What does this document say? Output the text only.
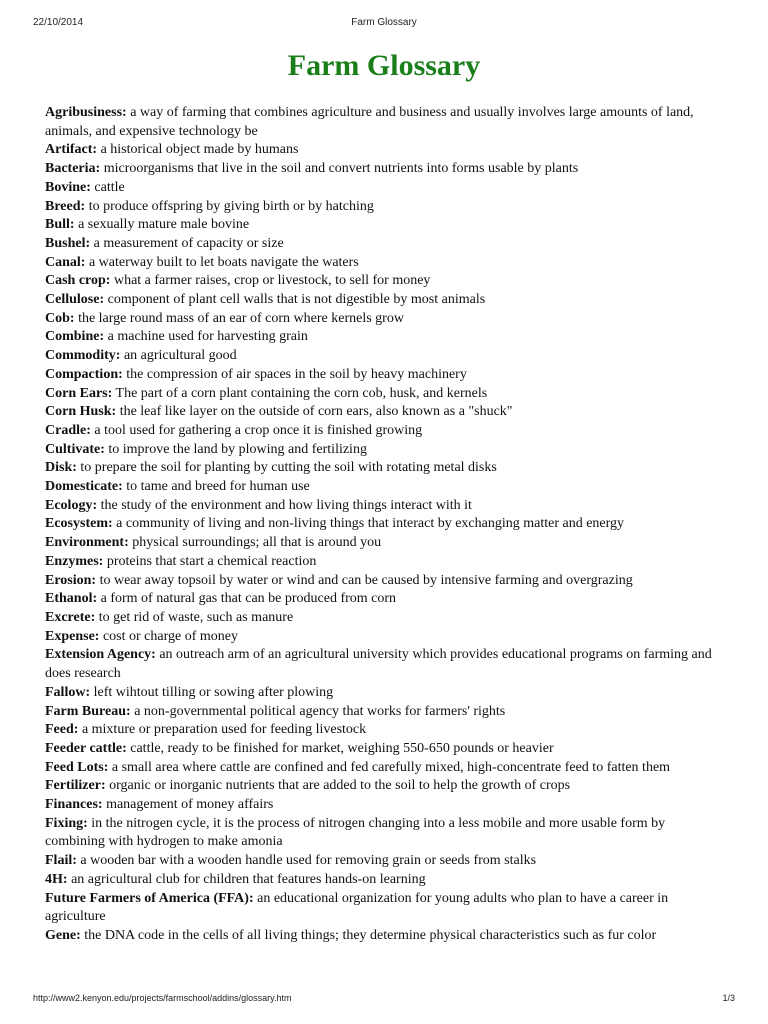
22/10/2014	Farm Glossary
Farm Glossary

Agribusiness: a way of farming that combines agriculture and business and usually involves large amounts of land, animals, and expensive technology be

Artifact: a historical object made by humans

Bacteria: microorganisms that live in the soil and convert nutrients into forms usable by plants

Bovine: cattle

Breed: to produce offspring by giving birth or by hatching

Bull: a sexually mature male bovine

Bushel: a measurement of capacity or size

Canal: a waterway built to let boats navigate the waters

Cash crop: what a farmer raises, crop or livestock, to sell for money

Cellulose: component of plant cell walls that is not digestible by most animals

Cob: the large round mass of an ear of corn where kernels grow

Combine: a machine used for harvesting grain

Commodity: an agricultural good

Compaction: the compression of air spaces in the soil by heavy machinery

Corn Ears: The part of a corn plant containing the corn cob, husk, and kernels

Corn Husk: the leaf like layer on the outside of corn ears, also known as a "shuck"

Cradle: a tool used for gathering a crop once it is finished growing

Cultivate: to improve the land by plowing and fertilizing

Disk: to prepare the soil for planting by cutting the soil with rotating metal disks

Domesticate: to tame and breed for human use

Ecology: the study of the environment and how living things interact with it

Ecosystem: a community of living and non-living things that interact by exchanging matter and energy

Environment: physical surroundings; all that is around you

Enzymes: proteins that start a chemical reaction

Erosion: to wear away topsoil by water or wind and can be caused by intensive farming and overgrazing

Ethanol: a form of natural gas that can be produced from corn

Excrete: to get rid of waste, such as manure

Expense: cost or charge of money

Extension Agency: an outreach arm of an agricultural university which provides educational programs on farming and does research

Fallow: left wihtout tilling or sowing after plowing

Farm Bureau: a non-governmental political agency that works for farmers' rights

Feed: a mixture or preparation used for feeding livestock

Feeder cattle: cattle, ready to be finished for market, weighing 550-650 pounds or heavier

Feed Lots: a small area where cattle are confined and fed carefully mixed, high-concentrate feed to fatten them

Fertilizer: organic or inorganic nutrients that are added to the soil to help the growth of crops

Finances: management of money affairs

Fixing: in the nitrogen cycle, it is the process of nitrogen changing into a less mobile and more usable form by combining with hydrogen to make amonia

Flail: a wooden bar with a wooden handle used for removing grain or seeds from stalks

4H: an agricultural club for children that features hands-on learning

Future Farmers of America (FFA): an educational organization for young adults who plan to have a career in agriculture

Gene: the DNA code in the cells of all living things; they determine physical characteristics such as fur color

http://www2.kenyon.edu/projects/farmschool/addins/glossary.htm	1/3
